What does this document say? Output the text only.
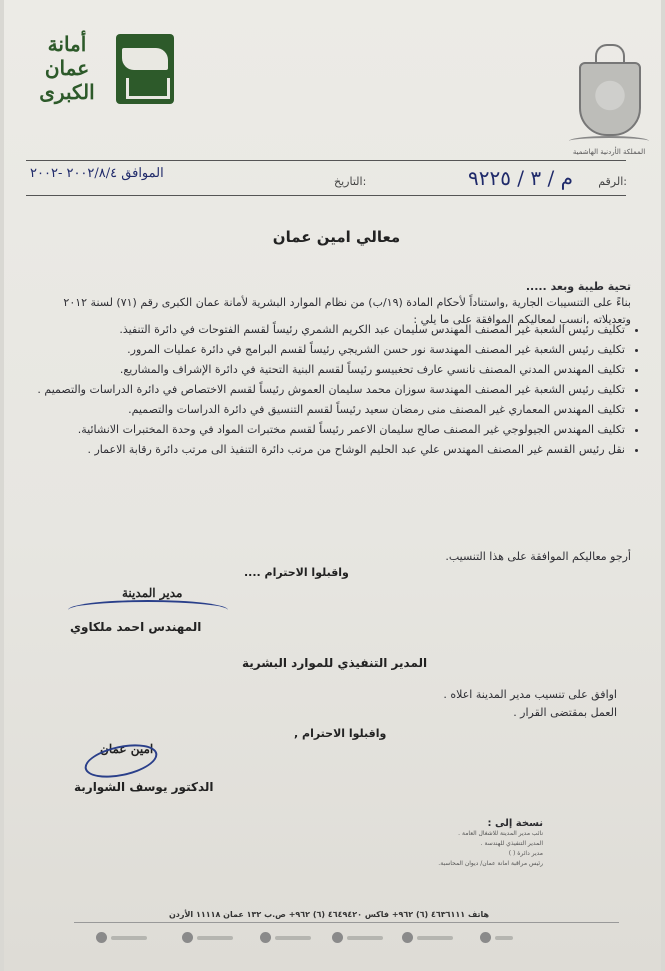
المملكة الأردنية الهاشمية
أمانة
عمان
الكبرى
الرقم:
م / ٣ / ٩٢٢٥
التاريخ:
الموافق ٢٠٠٢/٨/٤ -٢٠٠٢
معالي امين عمان
تحية طيبة وبعد .....
بناءً على التنسيبات الجارية ,واستناداً لأحكام المادة (١٩/ب) من نظام الموارد البشرية لأمانة عمان الكبرى رقم (٧١) لسنة ٢٠١٢ وتعديلاته ,انسب لمعاليكم الموافقة على ما يلي :
• تكليف رئيس الشعبة غير المصنف المهندس سليمان عبد الكريم الشمري رئيساً لقسم الفتوحات في دائرة التنفيذ.
• تكليف رئيس الشعبة غير المصنف المهندسة نور حسن الشريجي رئيساً لقسم البرامج في دائرة عمليات المرور.
• تكليف المهندس المدني المصنف نانسي عارف تحغبيسو رئيساً لقسم البنية التحتية في دائرة الإشراف والمشاريع.
• تكليف رئيس الشعبة غير المصنف المهندسة سوزان محمد سليمان العموش رئيساً لقسم الاختصاص في دائرة الدراسات والتصميم .
• تكليف المهندس المعماري غير المصنف منى رمضان سعيد رئيساً لقسم التنسيق في دائرة الدراسات والتصميم.
• تكليف المهندس الجيولوجي غير المصنف صالح سليمان الاعمر رئيساً لقسم مختبرات المواد في وحدة المختبرات الانشائية.
• نقل رئيس القسم غير المصنف المهندس علي عبد الحليم الوشاح من مرتب دائرة التنفيذ الى مرتب دائرة رقابة الاعمار .
أرجو معاليكم الموافقة على هذا التنسيب.
واقبلوا الاحترام ....
مدير المدينة
المهندس احمد ملكاوي
المدير التنفيذي للموارد البشرية
اوافق على تنسيب مدير المدينة اعلاه .
العمل بمقتضى القرار .
واقبلوا الاحترام ,
امين عمان
الدكتور يوسف الشواربة
نسخة إلى :
نائب مدير المدينة للاشغال العامة .
المدير التنفيذي للهندسة .
مدير دائرة ( )
رئيس مراقبة امانة عمان/ ديوان المحاسبة.
هاتف ٤٦٣٦١١١ (٦) ٩٦٢+ فاكس ٤٦٤٩٤٢٠ (٦) ٩٦٢+ ص.ب ١٣٢ عمان ١١١١٨ الأردن
